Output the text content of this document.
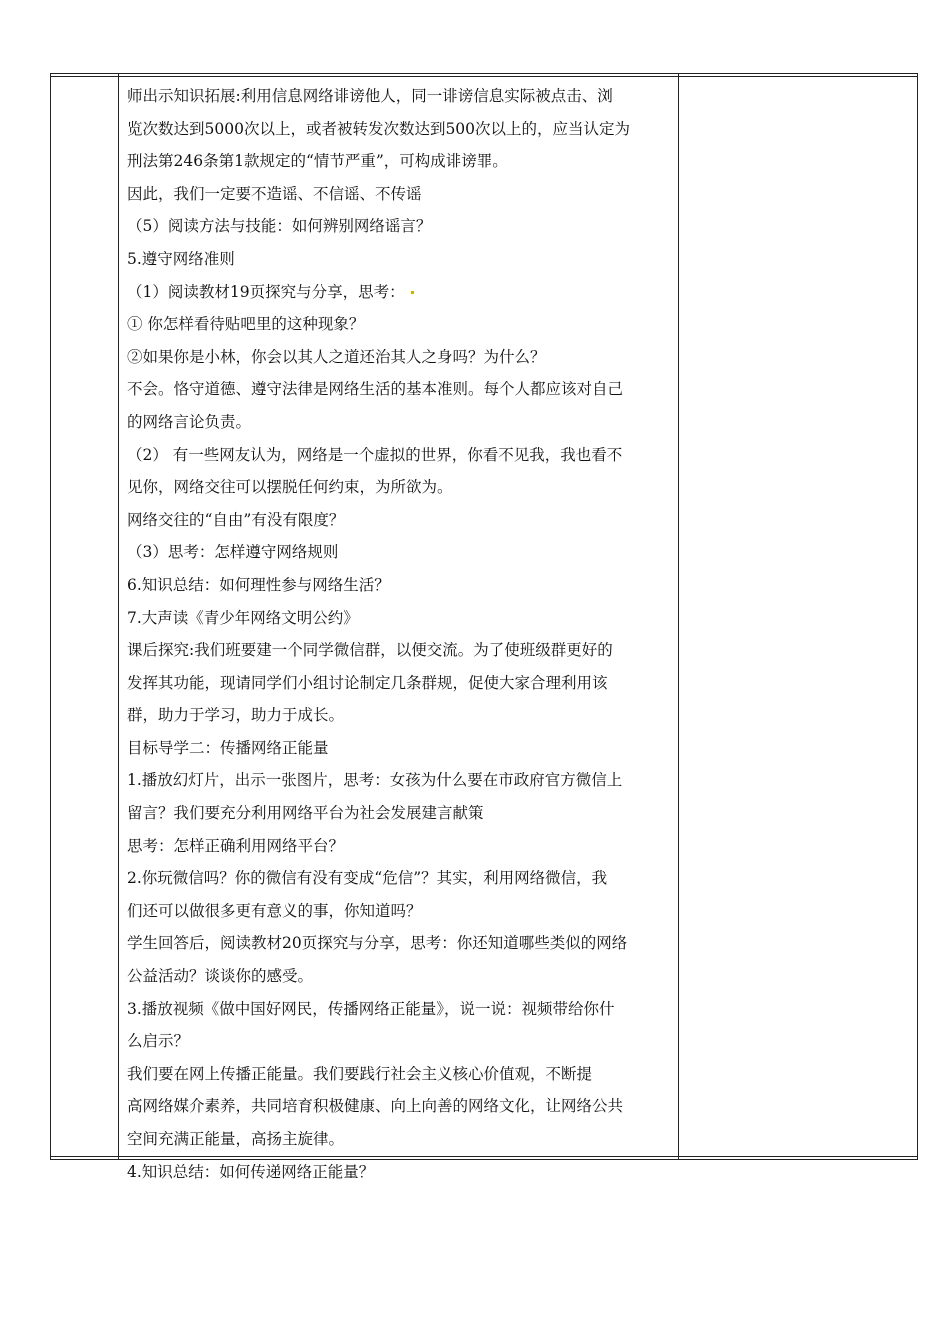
师出示知识拓展:利用信息网络诽谤他人，同一诽谤信息实际被点击、浏
览次数达到5000次以上，或者被转发次数达到500次以上的，应当认定为
刑法第246条第1款规定的“情节严重”，可构成诽谤罪。
因此，我们一定要不造谣、不信谣、不传谣
（5）阅读方法与技能：如何辨别网络谣言？
5.遵守网络准则
（1）阅读教材19页探究与分享，思考：
① 你怎样看待贴吧里的这种现象？
②如果你是小林，你会以其人之道还治其人之身吗？为什么？
不会。恪守道德、遵守法律是网络生活的基本准则。每个人都应该对自己
的网络言论负责。
（2） 有一些网友认为，网络是一个虚拟的世界，你看不见我，我也看不
见你，网络交往可以摆脱任何约束，为所欲为。
网络交往的“自由”有没有限度？
（3）思考：怎样遵守网络规则
6.知识总结：如何理性参与网络生活？
7.大声读《青少年网络文明公约》
课后探究:我们班要建一个同学微信群，以便交流。为了使班级群更好的
发挥其功能，现请同学们小组讨论制定几条群规，促使大家合理利用该
群，助力于学习，助力于成长。
目标导学二：传播网络正能量
1.播放幻灯片，出示一张图片，思考：女孩为什么要在市政府官方微信上
留言？我们要充分利用网络平台为社会发展建言献策
思考：怎样正确利用网络平台？
2.你玩微信吗？你的微信有没有变成“危信”？其实，利用网络微信，我
们还可以做很多更有意义的事，你知道吗？
学生回答后，阅读教材20页探究与分享，思考：你还知道哪些类似的网络
公益活动？谈谈你的感受。
3.播放视频《做中国好网民，传播网络正能量》，说一说：视频带给你什
么启示？
我们要在网上传播正能量。我们要践行社会主义核心价值观，不断提
高网络媒介素养，共同培育积极健康、向上向善的网络文化，让网络公共
空间充满正能量，高扬主旋律。
4.知识总结：如何传递网络正能量？
